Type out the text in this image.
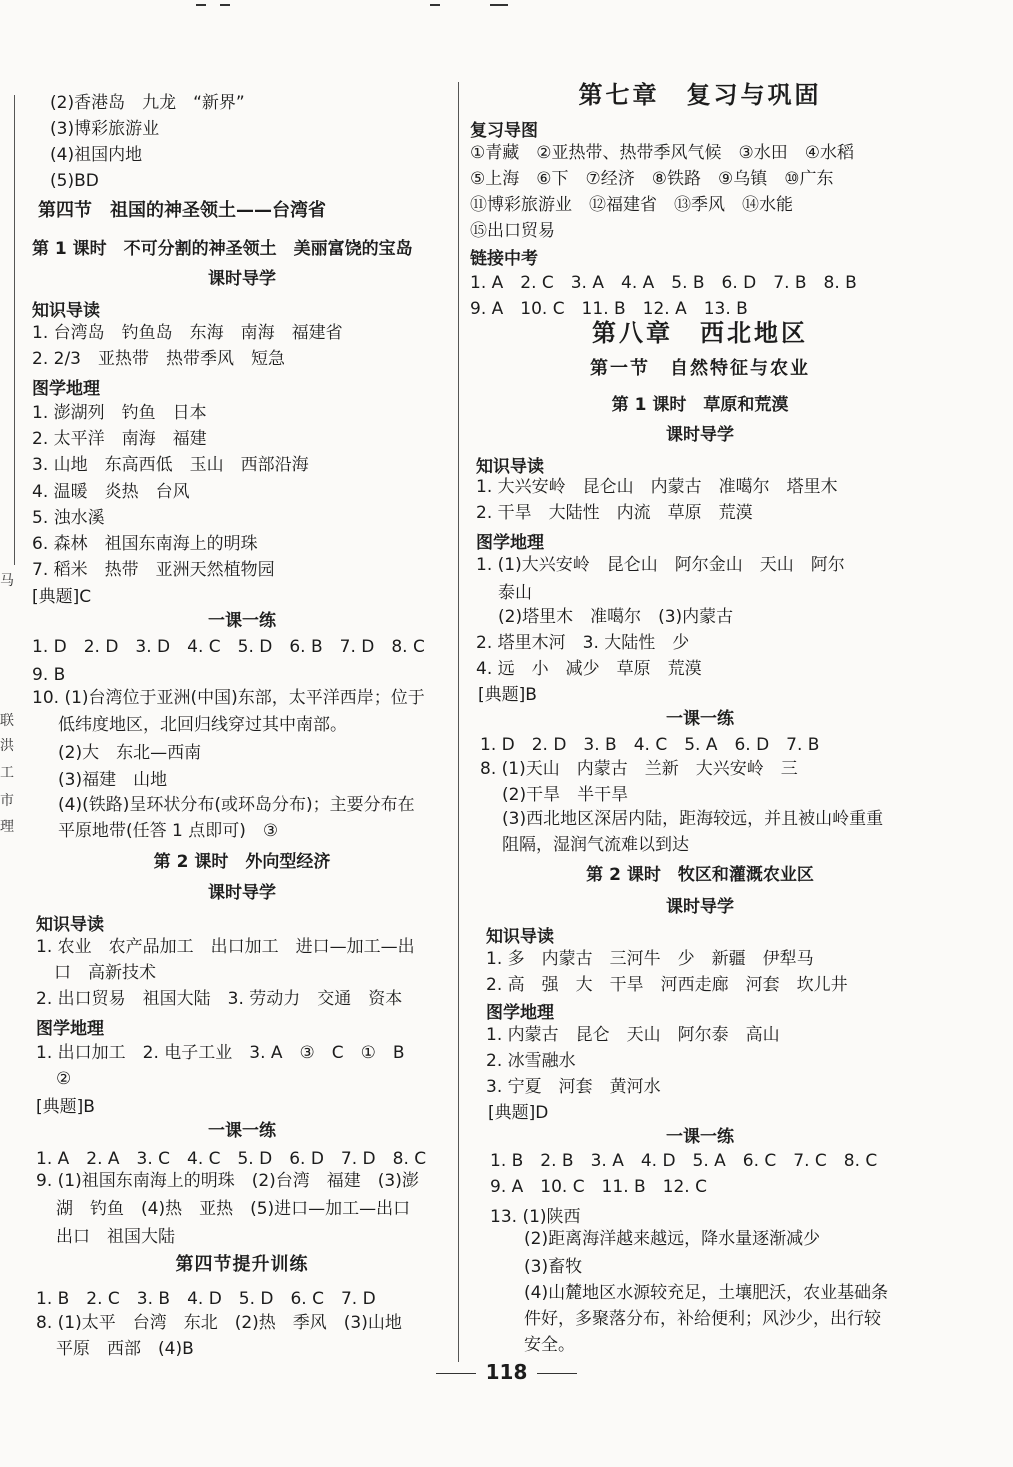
马
联
洪
工
市
理
(2)香港岛　九龙　“新界”
(3)博彩旅游业
(4)祖国内地
(5)BD
第四节　祖国的神圣领土——台湾省
第 1 课时　不可分割的神圣领土　美丽富饶的宝岛
课时导学
知识导读
1. 台湾岛　钓鱼岛　东海　南海　福建省
2. 2/3　亚热带　热带季风　短急
图学地理
1. 澎湖列　钓鱼　日本
2. 太平洋　南海　福建
3. 山地　东高西低　玉山　西部沿海
4. 温暖　炎热　台风
5. 浊水溪
6. 森林　祖国东南海上的明珠
7. 稻米　热带　亚洲天然植物园
[典题]C
一课一练
1. D　2. D　3. D　4. C　5. D　6. B　7. D　8. C
9. B
10. (1)台湾位于亚洲(中国)东部，太平洋西岸；位于
低纬度地区，北回归线穿过其中南部。
(2)大　东北—西南
(3)福建　山地
(4)(铁路)呈环状分布(或环岛分布)；主要分布在
平原地带(任答 1 点即可)　③
第 2 课时　外向型经济
课时导学
知识导读
1. 农业　农产品加工　出口加工　进口—加工—出
口　高新技术
2. 出口贸易　祖国大陆　3. 劳动力　交通　资本
图学地理
1. 出口加工　2. 电子工业　3. A　③　C　①　B
②
[典题]B
一课一练
1. A　2. A　3. C　4. C　5. D　6. D　7. D　8. C
9. (1)祖国东南海上的明珠　(2)台湾　福建　(3)澎
湖　钓鱼　(4)热　亚热　(5)进口—加工—出口
出口　祖国大陆
第四节提升训练
1. B　2. C　3. B　4. D　5. D　6. C　7. D
8. (1)太平　台湾　东北　(2)热　季风　(3)山地
平原　西部　(4)B
第七章　复习与巩固
复习导图
①青藏　②亚热带、热带季风气候　③水田　④水稻
⑤上海　⑥下　⑦经济　⑧铁路　⑨乌镇　⑩广东
⑪博彩旅游业　⑫福建省　⑬季风　⑭水能
⑮出口贸易
链接中考
1. A　2. C　3. A　4. A　5. B　6. D　7. B　8. B
9. A　10. C　11. B　12. A　13. B
第八章　西北地区
第一节　自然特征与农业
第 1 课时　草原和荒漠
课时导学
知识导读
1. 大兴安岭　昆仑山　内蒙古　准噶尔　塔里木
2. 干旱　大陆性　内流　草原　荒漠
图学地理
1. (1)大兴安岭　昆仑山　阿尔金山　天山　阿尔
泰山
(2)塔里木　准噶尔　(3)内蒙古
2. 塔里木河　3. 大陆性　少
4. 远　小　减少　草原　荒漠
[典题]B
一课一练
1. D　2. D　3. B　4. C　5. A　6. D　7. B
8. (1)天山　内蒙古　兰新　大兴安岭　三
(2)干旱　半干旱
(3)西北地区深居内陆，距海较远，并且被山岭重重
阻隔，湿润气流难以到达
第 2 课时　牧区和灌溉农业区
课时导学
知识导读
1. 多　内蒙古　三河牛　少　新疆　伊犁马
2. 高　强　大　干旱　河西走廊　河套　坎儿井
图学地理
1. 内蒙古　昆仑　天山　阿尔泰　高山
2. 冰雪融水
3. 宁夏　河套　黄河水
[典题]D
一课一练
1. B　2. B　3. A　4. D　5. A　6. C　7. C　8. C
9. A　10. C　11. B　12. C
13. (1)陕西
(2)距离海洋越来越远，降水量逐渐减少
(3)畜牧
(4)山麓地区水源较充足，土壤肥沃，农业基础条
件好，多聚落分布，补给便利；风沙少，出行较
安全。
118
